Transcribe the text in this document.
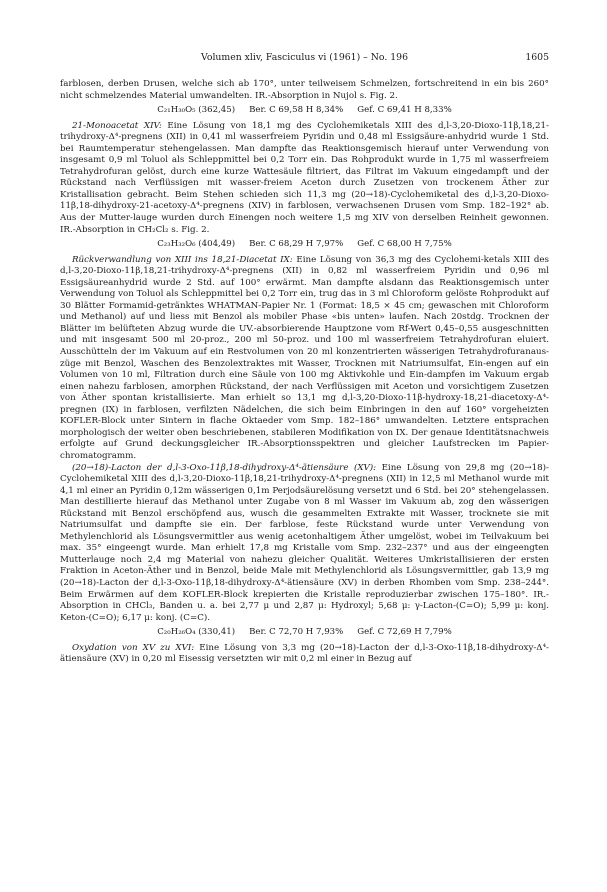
Volumen xliv, Fasciculus vi (1961) – No. 196	1605

farblosen, derben Drusen, welche sich ab 170°, unter teilweisem Schmelzen, fortschreitend in ein bis 260° nicht schmelzendes Material umwandelten. IR.-Absorption in Nujol s. Fig. 2.

C₂₁H₃₀O₅ (362,45) Ber. C 69,58 H 8,34% Gef. C 69,41 H 8,33%

21-Monoacetat XIV: Eine Lösung von 18,1 mg des Cyclohemiketals XIII des d,l-3,20-Dioxo-11β,18,21-trihydroxy-Δ⁴-pregnens (XII) in 0,41 ml wasserfreiem Pyridin und 0,48 ml Essigsäure-anhydrid wurde 1 Std. bei Raumtemperatur stehengelassen. Man dampfte das Reaktionsgemisch hierauf unter Verwendung von insgesamt 0,9 ml Toluol als Schleppmittel bei 0,2 Torr ein. Das Rohprodukt wurde in 1,75 ml wasserfreiem Tetrahydrofuran gelöst, durch eine kurze Wattesäule filtriert, das Filtrat im Vakuum eingedampft und der Rückstand nach Verflüssigen mit wasser-freiem Aceton durch Zusetzen von trockenem Äther zur Kristallisation gebracht. Beim Stehen schieden sich 11,3 mg (20→18)-Cyclohemiketal des d,l-3,20-Dioxo-11β,18-dihydroxy-21-acetoxy-Δ⁴-pregnens (XIV) in farblosen, verwachsenen Drusen vom Smp. 182–192° ab. Aus der Mutter-lauge wurden durch Einengen noch weitere 1,5 mg XIV von derselben Reinheit gewonnen. IR.-Absorption in CH₂Cl₂ s. Fig. 2.

C₂₃H₃₂O₆ (404,49) Ber. C 68,29 H 7,97% Gef. C 68,00 H 7,75%

Rückverwandlung von XIII ins 18,21-Diacetat IX: Eine Lösung von 36,3 mg des Cyclohemi-ketals XIII des d,l-3,20-Dioxo-11β,18,21-trihydroxy-Δ⁴-pregnens (XII) in 0,82 ml wasserfreiem Pyridin und 0,96 ml Essigsäureanhydrid wurde 2 Std. auf 100° erwärmt. Man dampfte alsdann das Reaktionsgemisch unter Verwendung von Toluol als Schleppmittel bei 0,2 Torr ein, trug das in 3 ml Chloroform gelöste Rohprodukt auf 30 Blätter Formamid-getränktes WHATMAN-Papier Nr. 1 (Format: 18,5 × 45 cm; gewaschen mit Chloroform und Methanol) auf und liess mit Benzol als mobiler Phase «bis unten» laufen. Nach 20stdg. Trocknen der Blätter im belüfteten Abzug wurde die UV.-absorbierende Hauptzone vom Rf-Wert 0,45–0,55 ausgeschnitten und mit insgesamt 500 ml 20-proz., 200 ml 50-proz. und 100 ml wasserfreiem Tetrahydrofuran eluiert. Ausschütteln der im Vakuum auf ein Restvolumen von 20 ml konzentrierten wässerigen Tetrahydrofuranaus-züge mit Benzol, Waschen des Benzolextraktes mit Wasser, Trocknen mit Natriumsulfat, Ein-engen auf ein Volumen von 10 ml, Filtration durch eine Säule von 100 mg Aktivkohle und Ein-dampfen im Vakuum ergab einen nahezu farblosen, amorphen Rückstand, der nach Verflüssigen mit Aceton und vorsichtigem Zusetzen von Äther spontan kristallisierte. Man erhielt so 13,1 mg d,l-3,20-Dioxo-11β-hydroxy-18,21-diacetoxy-Δ⁴-pregnen (IX) in farblosen, verfilzten Nädelchen, die sich beim Einbringen in den auf 160° vorgeheizten KOFLER-Block unter Sintern in flache Oktaeder vom Smp. 182–186° umwandelten. Letztere entsprachen morphologisch der weiter oben beschriebenen, stabileren Modifikation von IX. Der genaue Identitätsnachweis erfolgte auf Grund deckungsgleicher IR.-Absorptionsspektren und gleicher Laufstrecken im Papier-chromatogramm.

(20→18)-Lacton der d,l-3-Oxo-11β,18-dihydroxy-Δ⁴-ätiensäure (XV): Eine Lösung von 29,8 mg (20→18)-Cyclohemiketal XIII des d,l-3,20-Dioxo-11β,18,21-trihydroxy-Δ⁴-pregnens (XII) in 12,5 ml Methanol wurde mit 4,1 ml einer an Pyridin 0,12m wässerigen 0,1m Perjodsäurelösung versetzt und 6 Std. bei 20° stehengelassen. Man destillierte hierauf das Methanol unter Zugabe von 8 ml Wasser im Vakuum ab, zog den wässerigen Rückstand mit Benzol erschöpfend aus, wusch die gesammelten Extrakte mit Wasser, trocknete sie mit Natriumsulfat und dampfte sie ein. Der farblose, feste Rückstand wurde unter Verwendung von Methylenchlorid als Lösungsvermittler aus wenig acetonhaltigem Äther umgelöst, wobei im Teilvakuum bei max. 35° eingeengt wurde. Man erhielt 17,8 mg Kristalle vom Smp. 232–237° und aus der eingeengten Mutterlauge noch 2,4 mg Material von nahezu gleicher Qualität. Weiteres Umkristallisieren der ersten Fraktion in Aceton-Äther und in Benzol, beide Male mit Methylenchlorid als Lösungsvermittler, gab 13,9 mg (20→18)-Lacton der d,l-3-Oxo-11β,18-dihydroxy-Δ⁴-ätiensäure (XV) in derben Rhomben vom Smp. 238–244°. Beim Erwärmen auf dem KOFLER-Block krepierten die Kristalle reproduzierbar zwischen 175–180°. IR.-Absorption in CHCl₃, Banden u. a. bei 2,77 μ und 2,87 μ: Hydroxyl; 5,68 μ: γ-Lacton-(C=O); 5,99 μ: konj. Keton-(C=O); 6,17 μ: konj. (C=C).

C₂₀H₂₆O₄ (330,41) Ber. C 72,70 H 7,93% Gef. C 72,69 H 7,79%

Oxydation von XV zu XVI: Eine Lösung von 3,3 mg (20→18)-Lacton der d,l-3-Oxo-11β,18-dihydroxy-Δ⁴-ätiensäure (XV) in 0,20 ml Eisessig versetzten wir mit 0,2 ml einer in Bezug auf
